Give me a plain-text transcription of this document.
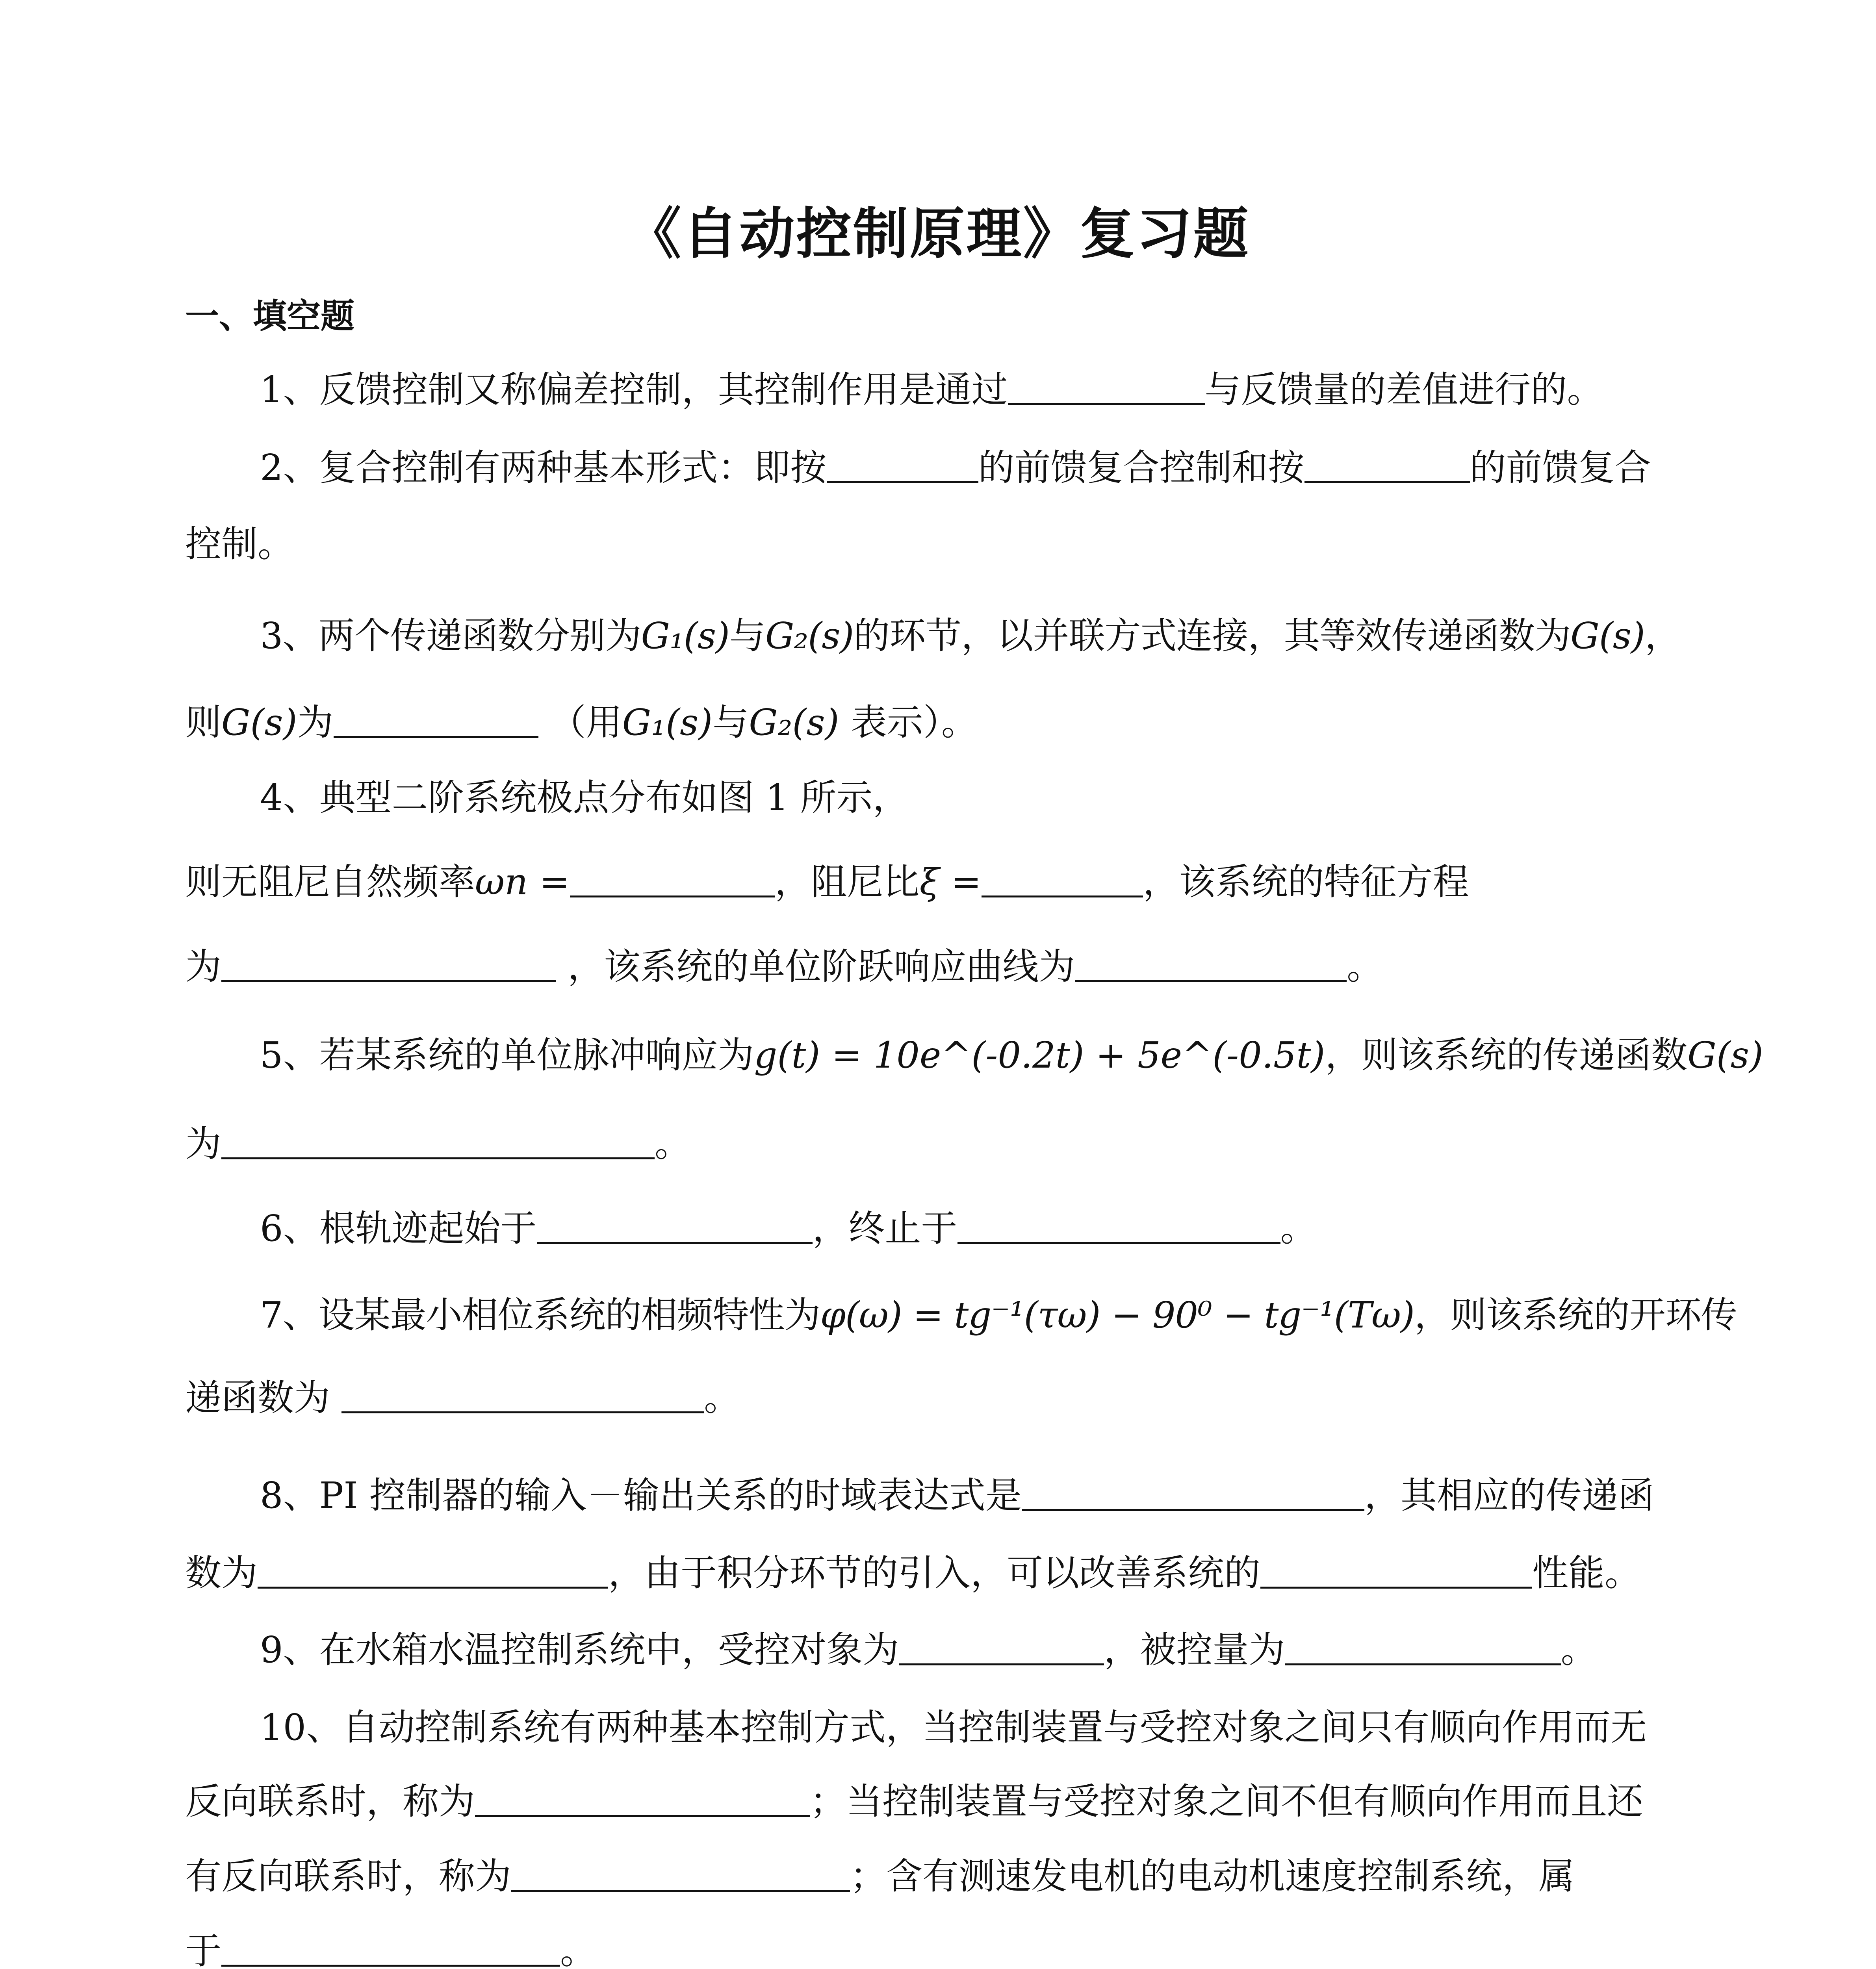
《自动控制原理》复习题
一、填空题
1、反馈控制又称偏差控制，其控制作用是通过	与反馈量的差值进行的。
2、复合控制有两种基本形式：即按	的前馈复合控制和按	的前馈复合
控制。
3、两个传递函数分别为G₁(s)与G₂(s)的环节，以并联方式连接，其等效传递函数为G(s)，
则G(s)为	（用G₁(s)与G₂(s) 表示）。
4、典型二阶系统极点分布如图 1 所示，
则无阻尼自然频率ωn =	，阻尼比ξ =	，该系统的特征方程
为	，该系统的单位阶跃响应曲线为	。
5、若某系统的单位脉冲响应为g(t) = 10e^(-0.2t) + 5e^(-0.5t)，则该系统的传递函数G(s)
为	。
6、根轨迹起始于	，终止于	。
7、设某最小相位系统的相频特性为φ(ω) = tg⁻¹(τω) − 90⁰ − tg⁻¹(Tω)，则该系统的开环传
递函数为	。
8、PI 控制器的输入－输出关系的时域表达式是	，其相应的传递函
数为	，由于积分环节的引入，可以改善系统的	性能。
9、在水箱水温控制系统中，受控对象为	，被控量为	。
10、自动控制系统有两种基本控制方式，当控制装置与受控对象之间只有顺向作用而无
反向联系时，称为	；当控制装置与受控对象之间不但有顺向作用而且还
有反向联系时，称为	；含有测速发电机的电动机速度控制系统，属
于	。
